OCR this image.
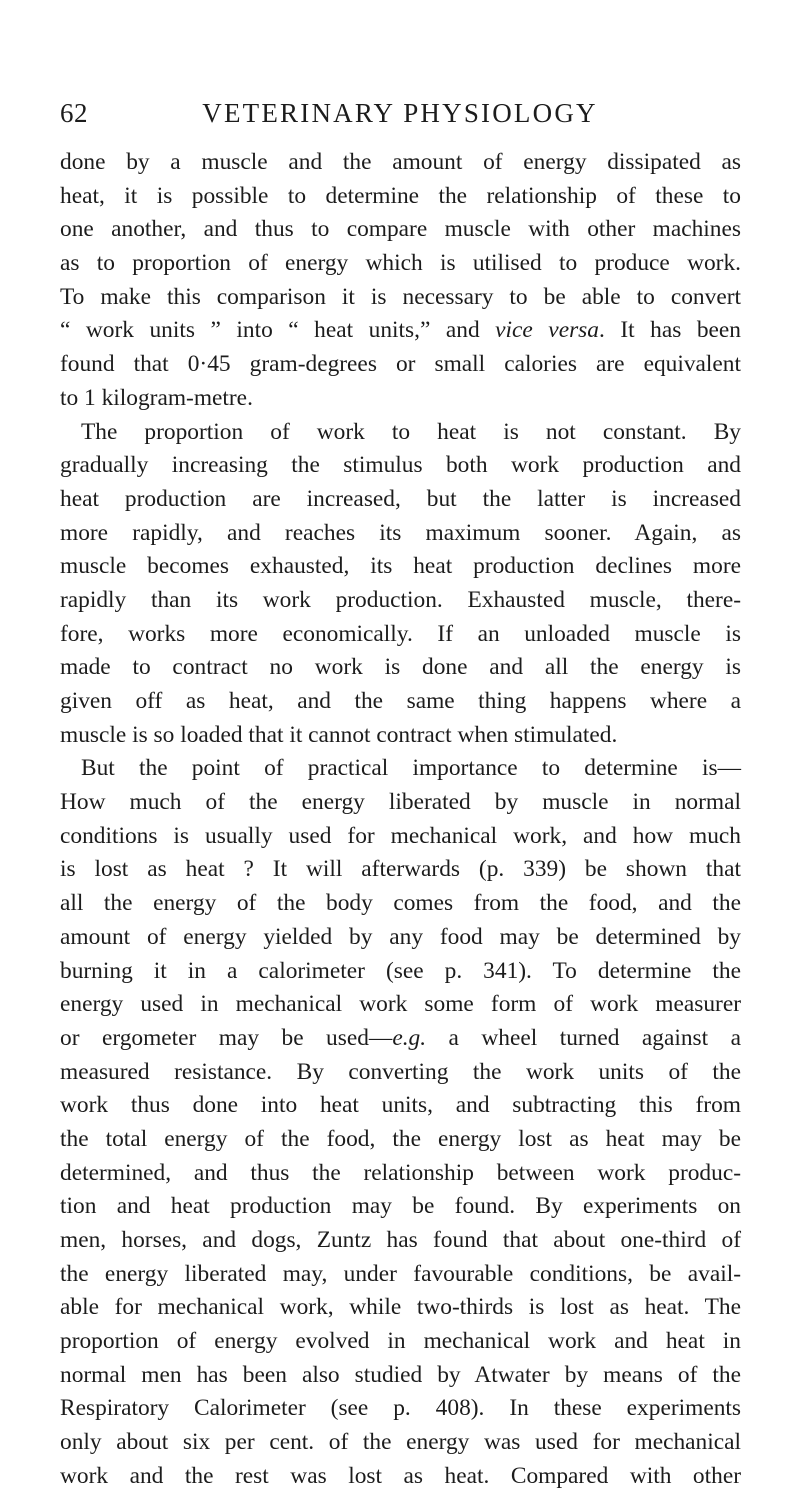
62	VETERINARY PHYSIOLOGY
done by a muscle and the amount of energy dissipated as
heat, it is possible to determine the relationship of these to
one another, and thus to compare muscle with other machines
as to proportion of energy which is utilised to produce work.
To make this comparison it is necessary to be able to convert
“ work units ” into “ heat units,” and vice versa. It has been
found that 0·45 gram-degrees or small calories are equivalent
to 1 kilogram-metre.
The proportion of work to heat is not constant. By
gradually increasing the stimulus both work production and
heat production are increased, but the latter is increased
more rapidly, and reaches its maximum sooner. Again, as
muscle becomes exhausted, its heat production declines more
rapidly than its work production. Exhausted muscle, there-
fore, works more economically. If an unloaded muscle is
made to contract no work is done and all the energy is
given off as heat, and the same thing happens where a
muscle is so loaded that it cannot contract when stimulated.
But the point of practical importance to determine is—
How much of the energy liberated by muscle in normal
conditions is usually used for mechanical work, and how much
is lost as heat ? It will afterwards (p. 339) be shown that
all the energy of the body comes from the food, and the
amount of energy yielded by any food may be determined by
burning it in a calorimeter (see p. 341). To determine the
energy used in mechanical work some form of work measurer
or ergometer may be used—e.g. a wheel turned against a
measured resistance. By converting the work units of the
work thus done into heat units, and subtracting this from
the total energy of the food, the energy lost as heat may be
determined, and thus the relationship between work produc-
tion and heat production may be found. By experiments on
men, horses, and dogs, Zuntz has found that about one-third of
the energy liberated may, under favourable conditions, be avail-
able for mechanical work, while two-thirds is lost as heat. The
proportion of energy evolved in mechanical work and heat in
normal men has been also studied by Atwater by means of the
Respiratory Calorimeter (see p. 408). In these experiments
only about six per cent. of the energy was used for mechanical
work and the rest was lost as heat. Compared with other
